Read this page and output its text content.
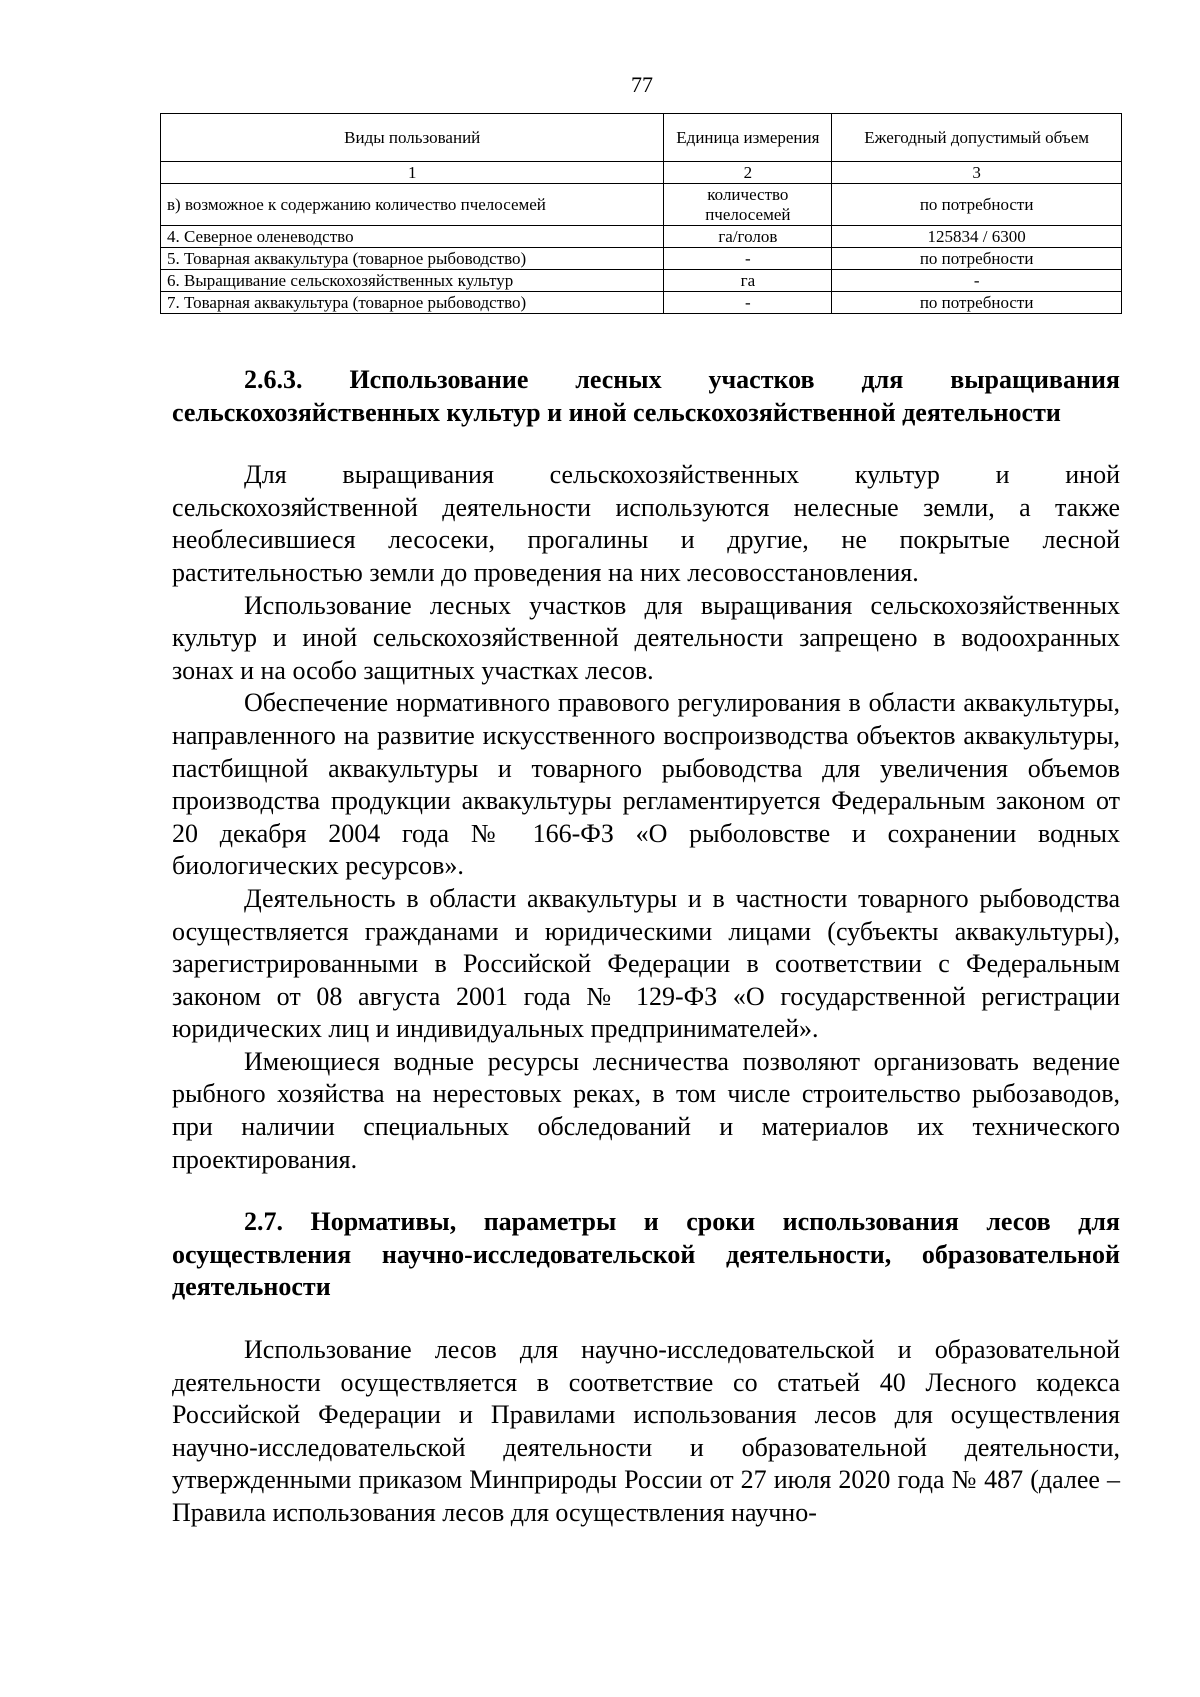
77
Виды пользований	Единица измерения	Ежегодный допустимый объем
1	2	3
в) возможное к содержанию количество пчелосемей	количество пчелосемей	по потребности
4. Северное оленеводство	га/голов	125834 / 6300
5. Товарная аквакультура (товарное рыбоводство)	-	по потребности
6. Выращивание сельскохозяйственных культур	га	-
7. Товарная аквакультура (товарное рыбоводство)	-	по потребности

2.6.3. Использование лесных участков для выращивания сельскохозяйственных культур и иной сельскохозяйственной деятельности

Для выращивания сельскохозяйственных культур и иной сельскохозяйственной деятельности используются нелесные земли, а также необлесившиеся лесосеки, прогалины и другие, не покрытые лесной растительностью земли до проведения на них лесовосстановления.

Использование лесных участков для выращивания сельскохозяйственных культур и иной сельскохозяйственной деятельности запрещено в водоохранных зонах и на особо защитных участках лесов.

Обеспечение нормативного правового регулирования в области аквакультуры, направленного на развитие искусственного воспроизводства объектов аквакультуры, пастбищной аквакультуры и товарного рыбоводства для увеличения объемов производства продукции аквакультуры регламентируется Федеральным законом от 20 декабря 2004 года № 166-ФЗ «О рыболовстве и сохранении водных биологических ресурсов».

Деятельность в области аквакультуры и в частности товарного рыбоводства осуществляется гражданами и юридическими лицами (субъекты аквакультуры), зарегистрированными в Российской Федерации в соответствии с Федеральным законом от 08 августа 2001 года № 129-ФЗ «О государственной регистрации юридических лиц и индивидуальных предпринимателей».

Имеющиеся водные ресурсы лесничества позволяют организовать ведение рыбного хозяйства на нерестовых реках, в том числе строительство рыбозаводов, при наличии специальных обследований и материалов их технического проектирования.

2.7. Нормативы, параметры и сроки использования лесов для осуществления научно-исследовательской деятельности, образовательной деятельности

Использование лесов для научно-исследовательской и образовательной деятельности осуществляется в соответствие со статьей 40 Лесного кодекса Российской Федерации и Правилами использования лесов для осуществления научно-исследовательской деятельности и образовательной деятельности, утвержденными приказом Минприроды России от 27 июля 2020 года № 487 (далее – Правила использования лесов для осуществления научно-
